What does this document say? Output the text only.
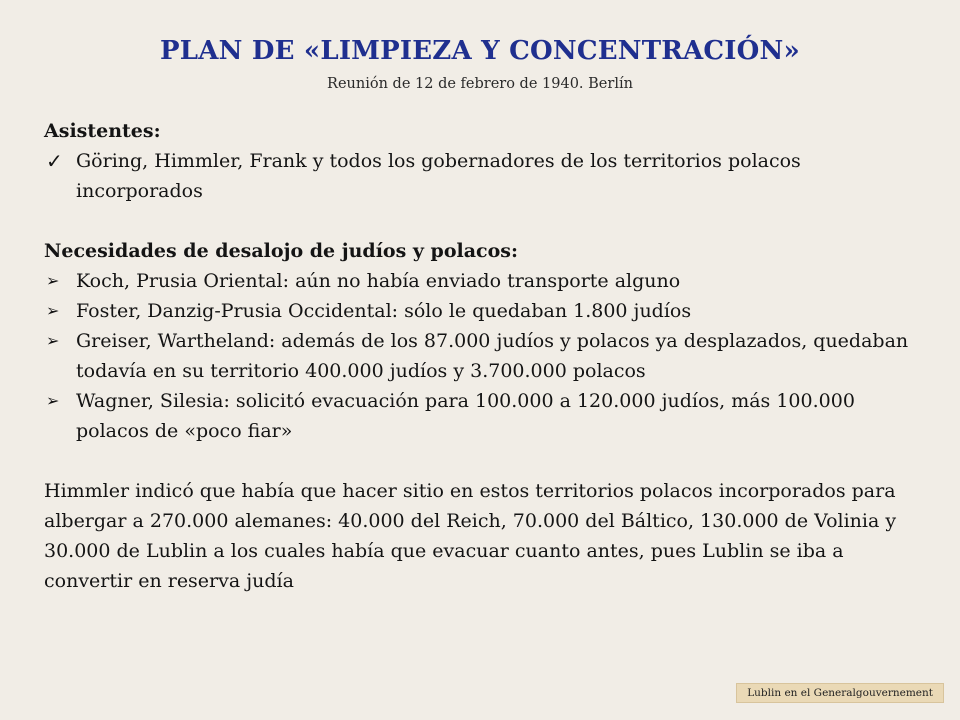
PLAN DE «LIMPIEZA Y CONCENTRACIÓN»
Reunión de 12 de febrero de 1940. Berlín

Asistentes:

✓ Göring, Himmler, Frank y todos los gobernadores de los territorios polacos incorporados

Necesidades de desalojo de judíos y polacos:

➢ Koch, Prusia Oriental: aún no había enviado transporte alguno
➢ Foster, Danzig-Prusia Occidental: sólo le quedaban 1.800 judíos
➢ Greiser, Wartheland: además de los 87.000 judíos y polacos ya desplazados, quedaban todavía en su territorio 400.000 judíos y 3.700.000 polacos
➢ Wagner, Silesia: solicitó evacuación para 100.000 a 120.000 judíos, más 100.000 polacos de «poco fiar»

Himmler indicó que había que hacer sitio en estos territorios polacos incorporados para albergar a 270.000 alemanes: 40.000 del Reich, 70.000 del Báltico, 130.000 de Volinia y 30.000 de Lublin a los cuales había que evacuar cuanto antes, pues Lublin se iba a convertir en reserva judía

Lublin en el Generalgouvernement
